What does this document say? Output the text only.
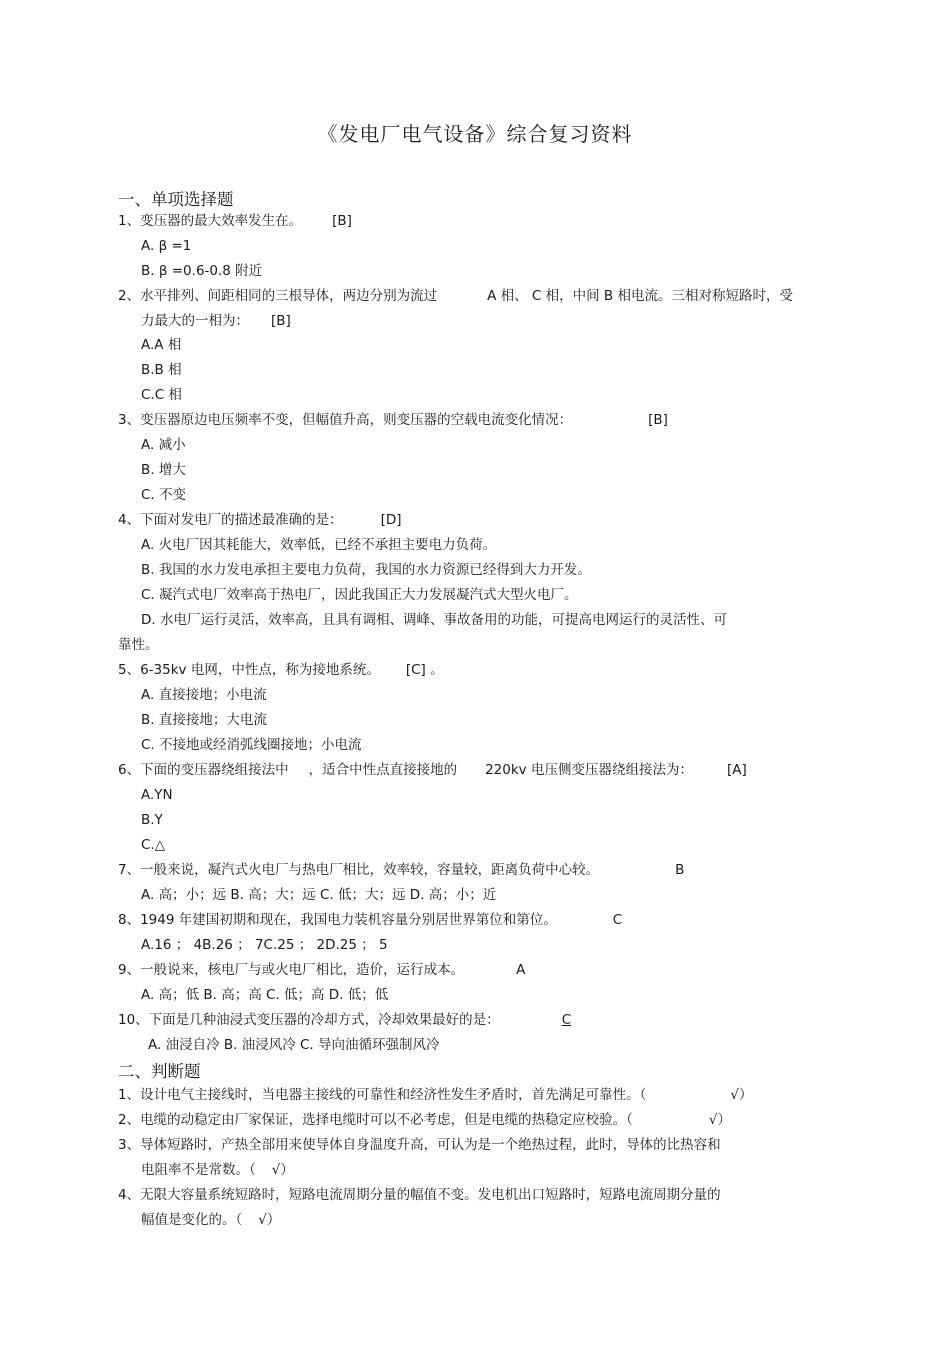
《发电厂电气设备》综合复习资料
一、单项选择题
1、变压器的最大效率发生在。 [B]
A. β =1
B. β =0.6-0.8 附近
2、水平排列、间距相同的三根导体，两边分别为流过	A 相、 C 相，中间 B 相电流。三相对称短路时，受
力最大的一相为： [B]
A.A 相
B.B 相
C.C 相
3、变压器原边电压频率不变，但幅值升高，则变压器的空载电流变化情况：	[B]
A. 减小
B. 增大
C. 不变
4、下面对发电厂的描述最准确的是：	[D]
A. 火电厂因其耗能大，效率低，已经不承担主要电力负荷。
B. 我国的水力发电承担主要电力负荷，我国的水力资源已经得到大力开发。
C. 凝汽式电厂效率高于热电厂，因此我国正大力发展凝汽式大型火电厂。
D. 水电厂运行灵活，效率高，且具有调相、调峰、事故备用的功能，可提高电网运行的灵活性、可
靠性。
5、6-35kv 电网，中性点，称为接地系统。 [C] 。
A. 直接接地；小电流
B. 直接接地；大电流
C. 不接地或经消弧线圈接地；小电流
6、下面的变压器绕组接法中 ，适合中性点直接接地的 220kv 电压侧变压器绕组接法为：	[A]
A.YN
B.Y
C.△
7、一般来说，凝汽式火电厂与热电厂相比，效率较，容量较，距离负荷中心较。	B
A. 高；小；远 B. 高；大；远 C. 低；大；远 D. 高；小；近
8、1949 年建国初期和现在，我国电力装机容量分别居世界第位和第位。	C
A.16 ； 4B.26 ； 7C.25 ； 2D.25 ； 5
9、一般说来，核电厂与或火电厂相比，造价，运行成本。	A
A. 高；低 B. 高；高 C. 低；高 D. 低；低
10、下面是几种油浸式变压器的冷却方式，冷却效果最好的是：	C
A. 油浸自冷 B. 油浸风冷 C. 导向油循环强制风冷
二、判断题
1、设计电气主接线时，当电器主接线的可靠性和经济性发生矛盾时，首先满足可靠性。（	√）
2、电缆的动稳定由厂家保证，选择电缆时可以不必考虑，但是电缆的热稳定应校验。（	√）
3、导体短路时，产热全部用来使导体自身温度升高，可认为是一个绝热过程，此时，导体的比热容和
电阻率不是常数。（ √）
4、无限大容量系统短路时，短路电流周期分量的幅值不变。发电机出口短路时，短路电流周期分量的
幅值是变化的。（ √）
